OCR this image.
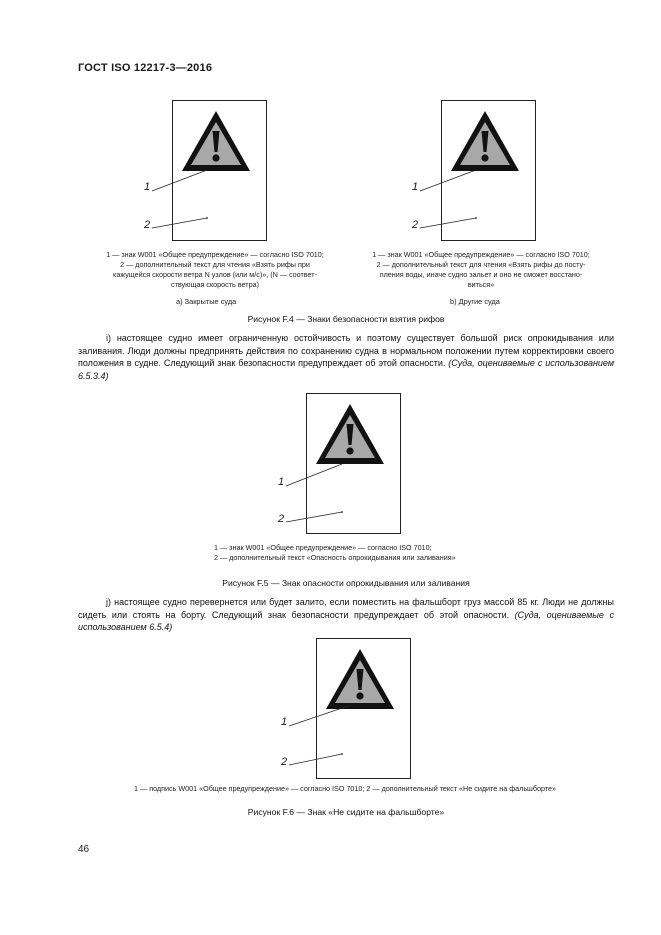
ГОСТ ISO 12217-3—2016
1
2
1 — знак W001 «Общее предупреждение» — согласно ISO 7010;
2 — дополнительный текст для чтения «Взять рифы при
кажущейся скорости ветра N узлов (или м/с)», (N — соответ-
ствующая скорость ветра)
a) Закрытые суда
1
2
1 — знак W001 «Общее предупреждение» — согласно ISO 7010;
2 — дополнительный текст для чтения «Взять рифы до посту-
пления воды, иначе судно зальет и оно не сможет восстано-
виться»
b) Другие суда
Рисунок F.4 — Знаки безопасности взятия рифов
i) настоящее судно имеет ограниченную остойчивость и поэтому существует большой риск опрокидывания или заливания. Люди должны предпринять действия по сохранению судна в нормальном положении путем корректировки своего положения в судне. Следующий знак безопасности предупреждает об этой опасности. (Суда, оцениваемые с использованием 6.5.3.4)
1
2
1 — знак W001 «Общее предупреждение» — согласно ISO 7010;
2 — дополнительный текст «Опасность опрокидывания или заливания»
Рисунок F.5 — Знак опасности опрокидывания или заливания
j) настоящее судно перевернется или будет залито, если поместить на фальшборт груз массой 85 кг. Люди не должны сидеть или стоять на борту. Следующий знак безопасности предупреждает об этой опасности. (Суда, оцениваемые с использованием 6.5.4)
1
2
1 — подпись W001 «Общее предупреждение» — согласно ISO 7010; 2 — дополнительный текст «Не сидите на фальшборте»
Рисунок F.6 — Знак «Не сидите на фальшборте»
46
